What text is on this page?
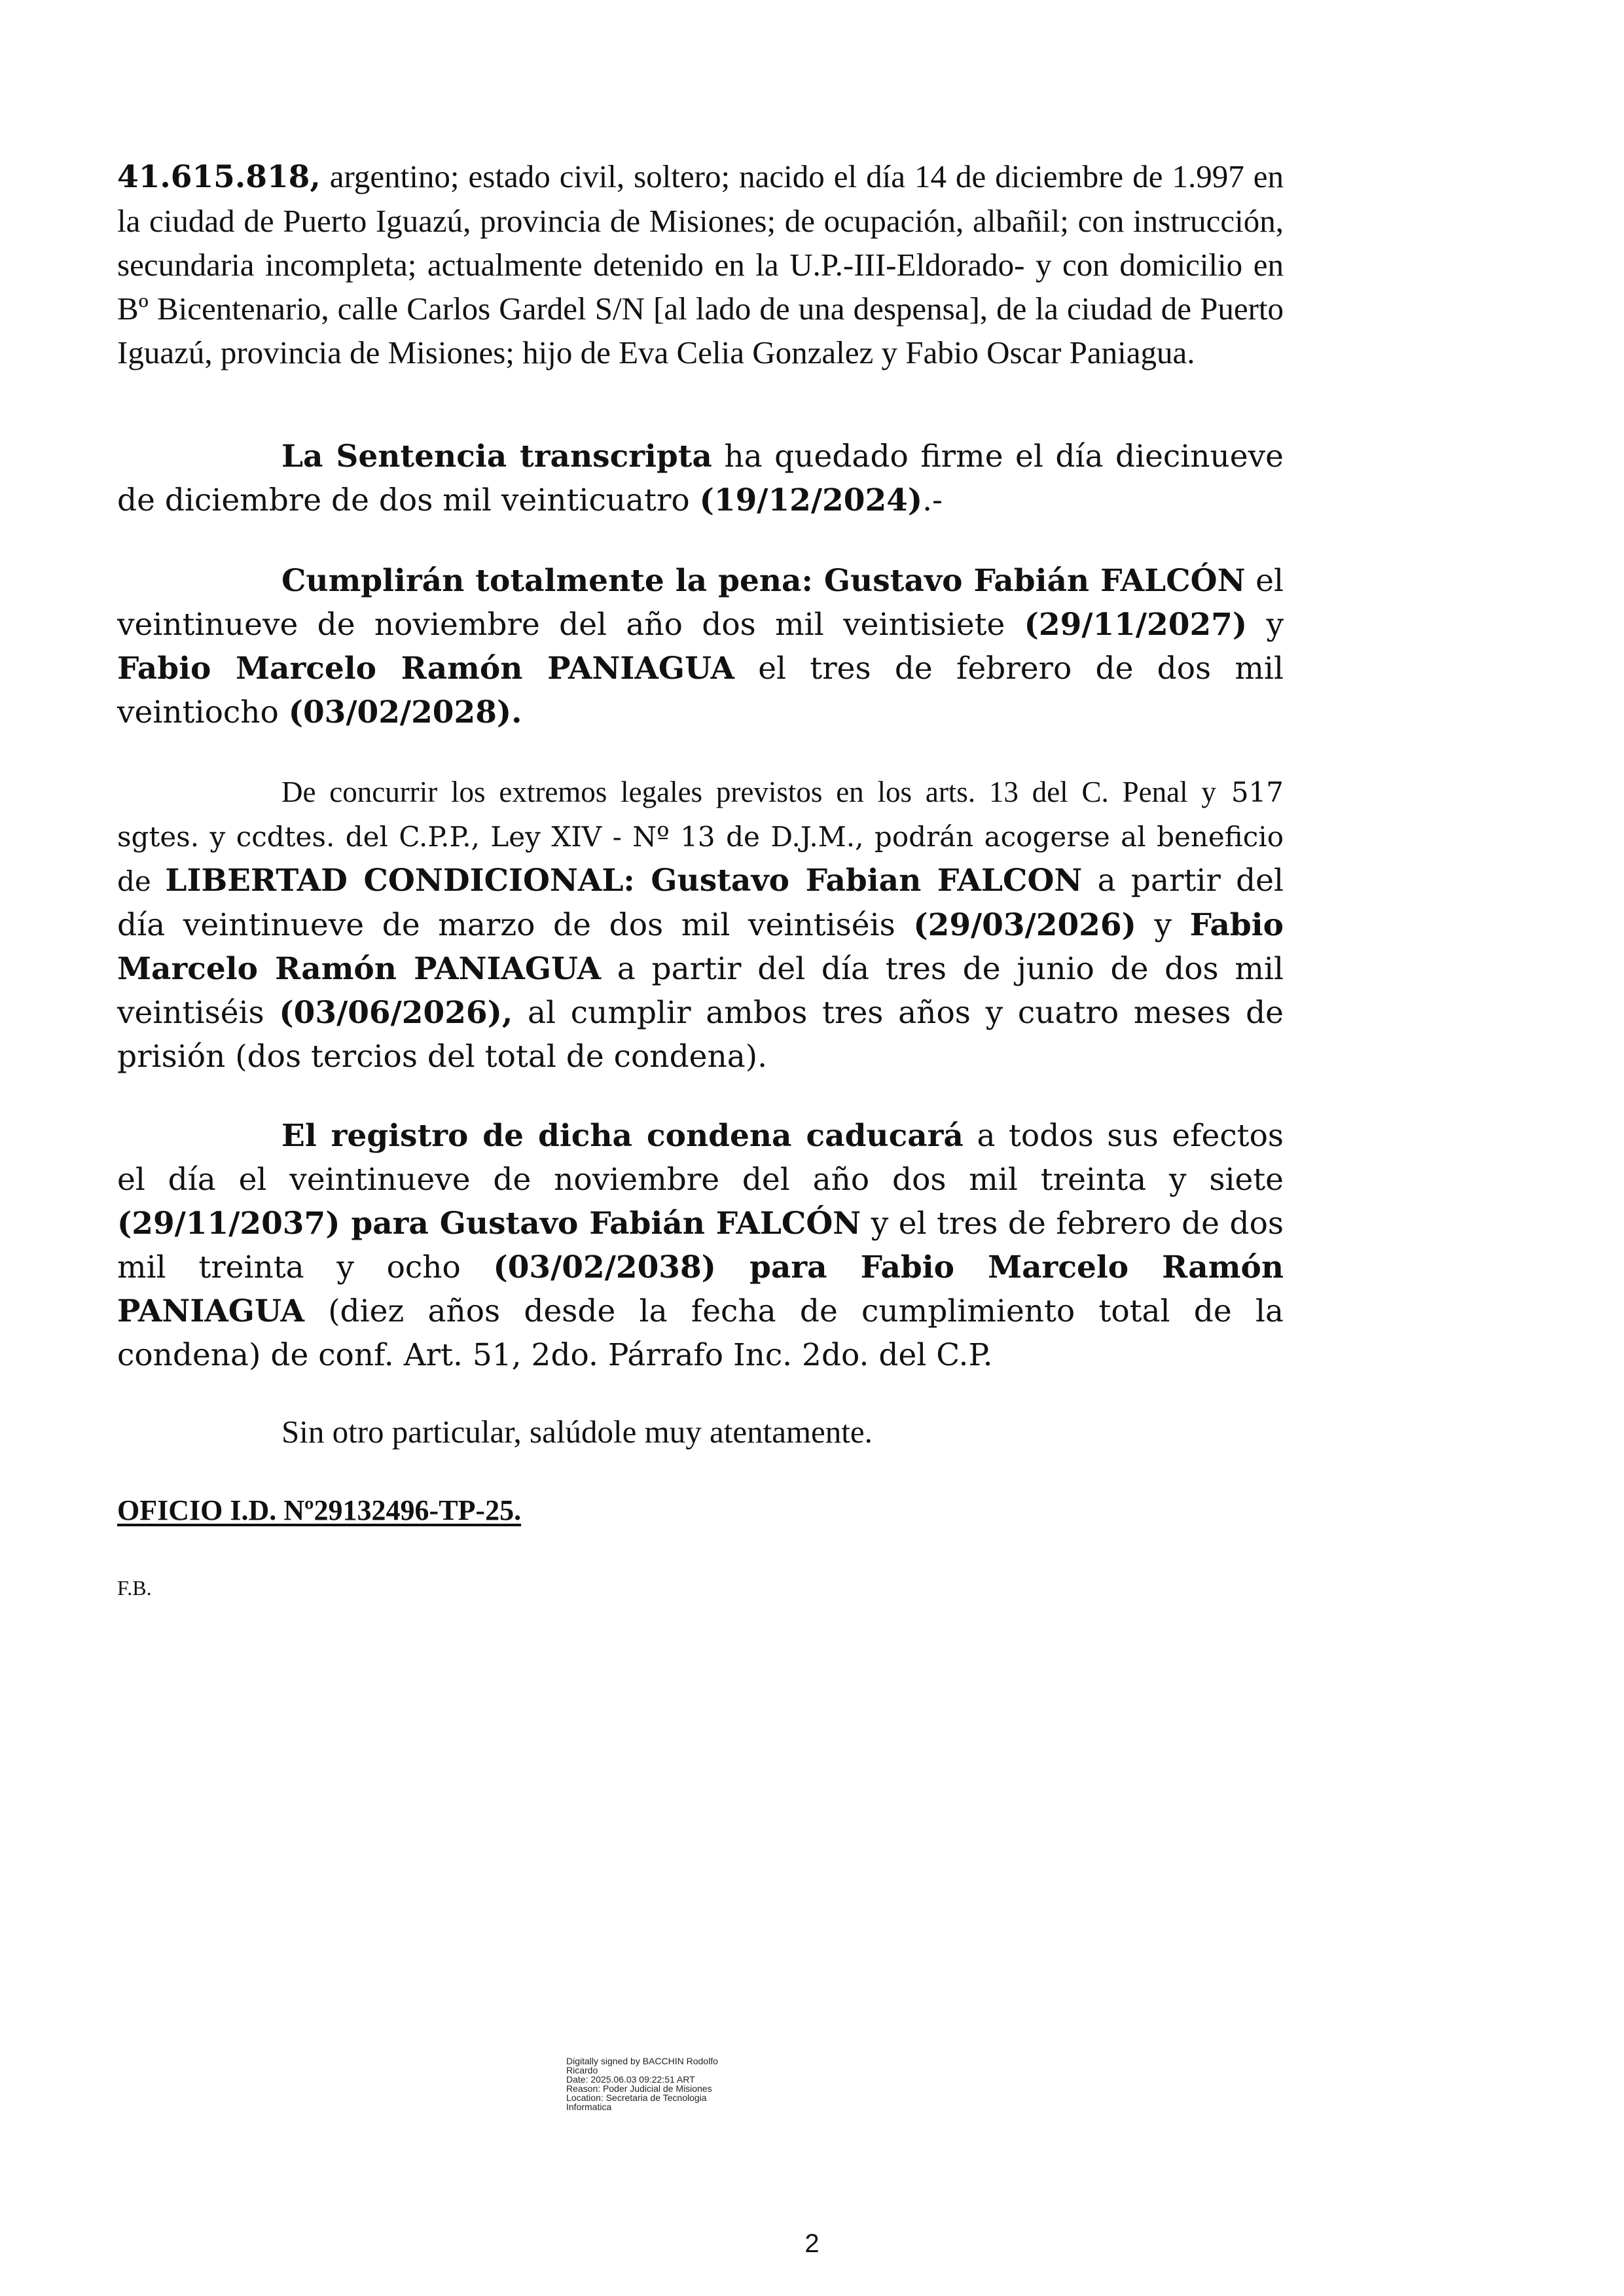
41.615.818, argentino; estado civil, soltero; nacido el día 14 de diciembre de 1.997 en la ciudad de Puerto Iguazú, provincia de Misiones; de ocupación, albañil; con instrucción, secundaria incompleta; actualmente detenido en la U.P.-III-Eldorado- y con domicilio en Bº Bicentenario, calle Carlos Gardel S/N [al lado de una despensa], de la ciudad de Puerto Iguazú, provincia de Misiones; hijo de Eva Celia Gonzalez y Fabio Oscar Paniagua.

La Sentencia transcripta ha quedado firme el día diecinueve de diciembre de dos mil veinticuatro (19/12/2024).-

Cumplirán totalmente la pena: Gustavo Fabián FALCÓN el veintinueve de noviembre del año dos mil veintisiete (29/11/2027) y Fabio Marcelo Ramón PANIAGUA el tres de febrero de dos mil veintiocho (03/02/2028).

De concurrir los extremos legales previstos en los arts. 13 del C. Penal y 517 sgtes. y ccdtes. del C.P.P., Ley XIV - Nº 13 de D.J.M., podrán acogerse al beneficio de LIBERTAD CONDICIONAL: Gustavo Fabian FALCON a partir del día veintinueve de marzo de dos mil veintiséis (29/03/2026) y Fabio Marcelo Ramón PANIAGUA a partir del día tres de junio de dos mil veintiséis (03/06/2026), al cumplir ambos tres años y cuatro meses de prisión (dos tercios del total de condena).

El registro de dicha condena caducará a todos sus efectos el día el veintinueve de noviembre del año dos mil treinta y siete (29/11/2037) para Gustavo Fabián FALCÓN y el tres de febrero de dos mil treinta y ocho (03/02/2038) para Fabio Marcelo Ramón PANIAGUA (diez años desde la fecha de cumplimiento total de la condena) de conf. Art. 51, 2do. Párrafo Inc. 2do. del C.P.

Sin otro particular, salúdole muy atentamente.

OFICIO I.D. Nº29132496-TP-25.

F.B.

Digitally signed by BACCHIN Rodolfo
Ricardo
Date: 2025.06.03 09:22:51 ART
Reason: Poder Judicial de Misiones
Location: Secretaria de Tecnologia
Informatica

2
